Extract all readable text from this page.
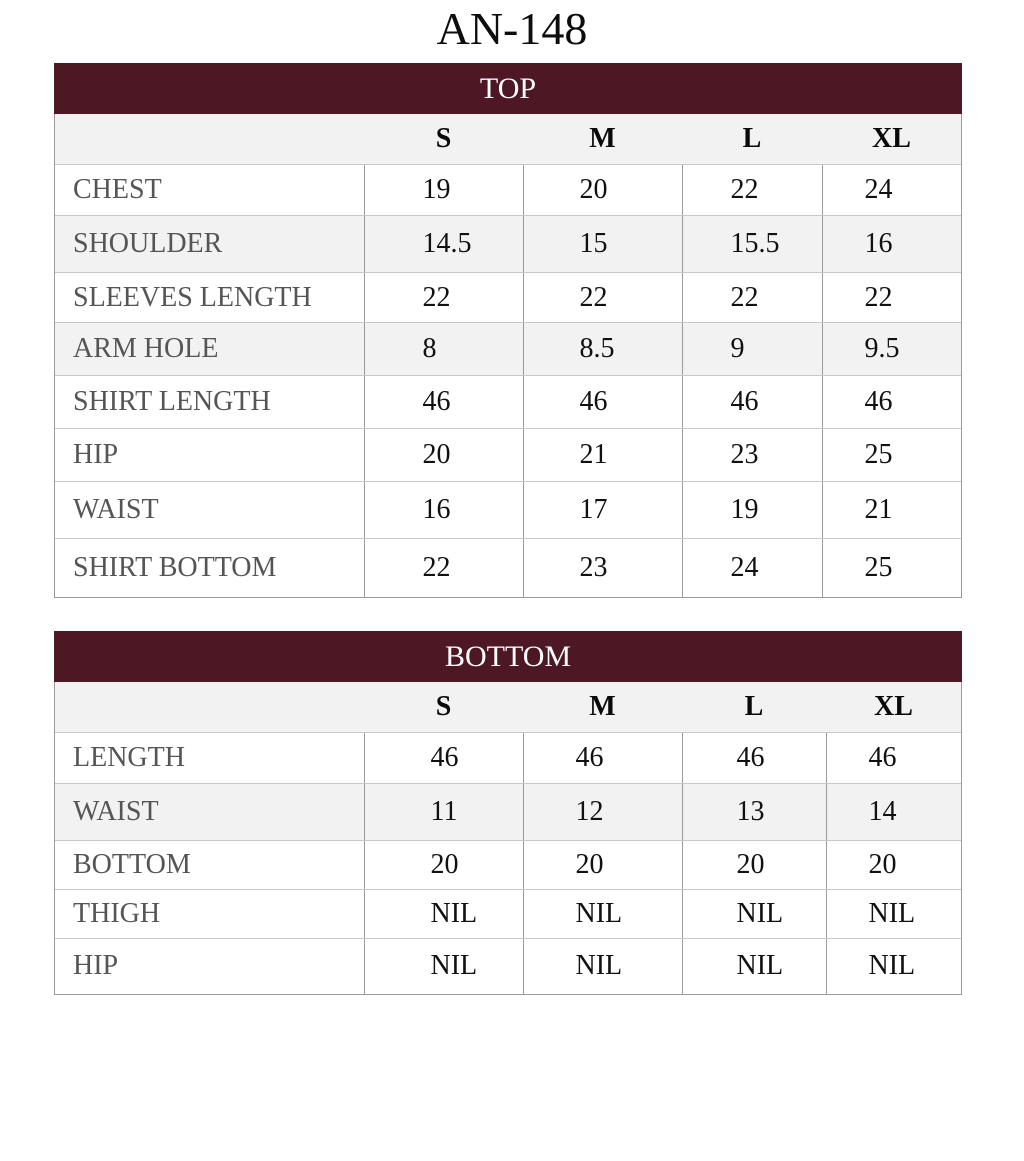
AN-148
TOP
	S	M	L	XL
CHEST	19	20	22	24
SHOULDER	14.5	15	15.5	16
SLEEVES LENGTH	22	22	22	22
ARM HOLE	8	8.5	9	9.5
SHIRT LENGTH	46	46	46	46
HIP	20	21	23	25
WAIST	16	17	19	21
SHIRT BOTTOM	22	23	24	25
BOTTOM
	S	M	L	XL
LENGTH	46	46	46	46
WAIST	11	12	13	14
BOTTOM	20	20	20	20
THIGH	NIL	NIL	NIL	NIL
HIP	NIL	NIL	NIL	NIL
